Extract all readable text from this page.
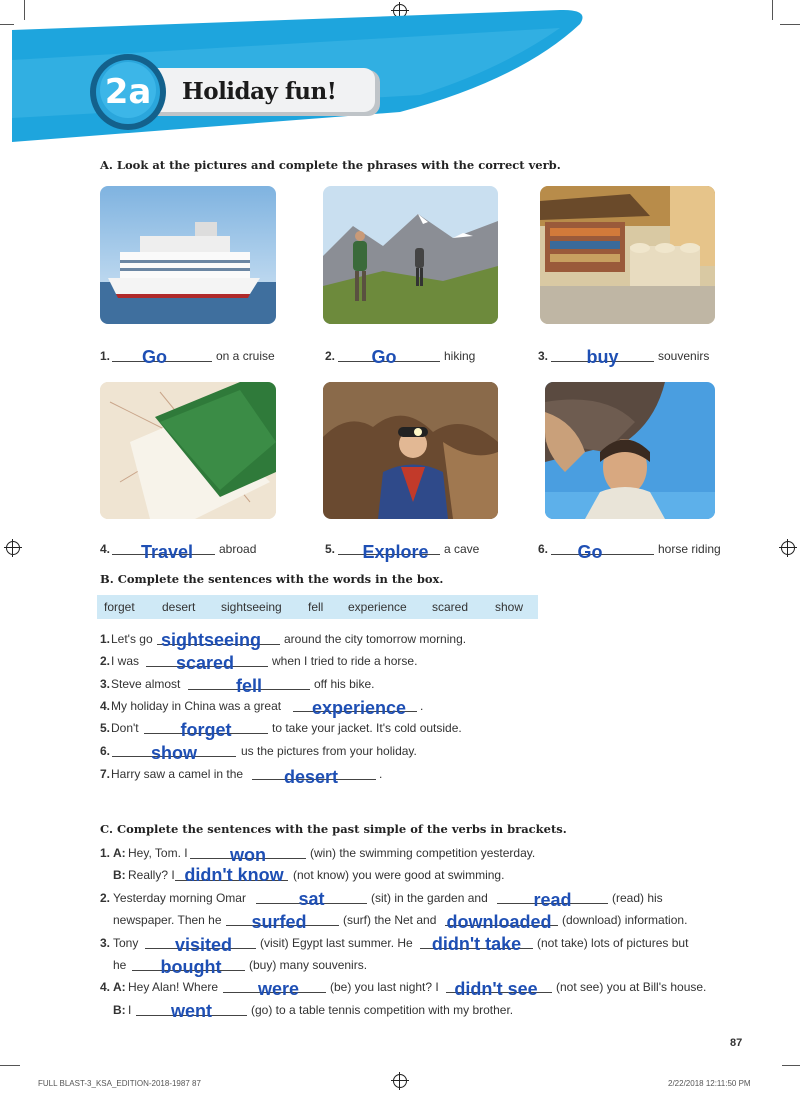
2a	Holiday fun!
A. Look at the pictures and complete the phrases with the correct verb.
1.	Go	on a cruise	2.	Go	hiking	3.	buy	souvenirs
4.	Travel	abroad	5.	Explore	a cave	6.	Go	horse riding
B. Complete the sentences with the words in the box.
forget desert sightseeing fell experience scared show
1. Let's go sightseeing	around the city tomorrow morning.
2. I was	scared	when I tried to ride a horse.
3. Steve almost	fell	off his bike.
4. My holiday in China was a great	experience	.
5. Don't	forget	to take your jacket. It's cold outside.
6.	show	us the pictures from your holiday.
7. Harry saw a camel in the	desert	.
C. Complete the sentences with the past simple of the verbs in brackets.
1. A: Hey, Tom. I	won	(win) the swimming competition yesterday.
B: Really? I didn't know (not know) you were good at swimming.
2. Yesterday morning Omar	sat	(sit) in the garden and	read	(read) his
newspaper. Then he	surfed	(surf) the Net and downloaded (download) information.
3. Tony	visited	(visit) Egypt last summer. He	didn't take	(not take) lots of pictures but
he	bought	(buy) many souvenirs.
4. A: Hey Alan! Where	were	(be) you last night? I didn't see	(not see) you at Bill's house.
B: I	went	(go) to a table tennis competition with my brother.
87
FULL BLAST-3_KSA_EDITION-2018-1987 87	2/22/2018 12:11:50 PM
